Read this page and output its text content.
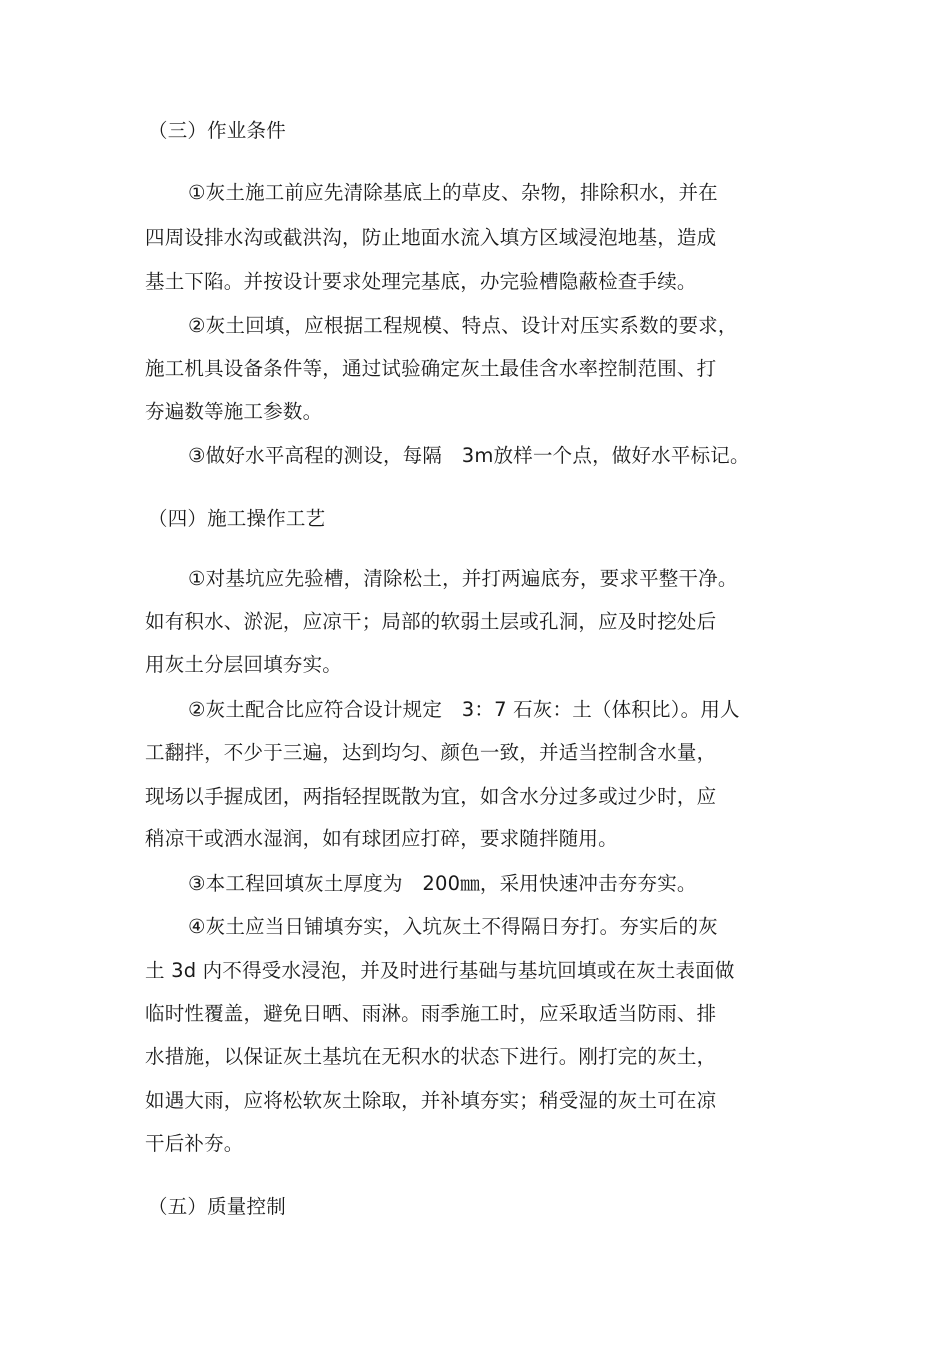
（三）作业条件
①灰土施工前应先清除基底上的草皮、杂物，排除积水，并在
四周设排水沟或截洪沟，防止地面水流入填方区域浸泡地基，造成
基土下陷。并按设计要求处理完基底，办完验槽隐蔽检查手续。
②灰土回填，应根据工程规模、特点、设计对压实系数的要求，
施工机具设备条件等，通过试验确定灰土最佳含水率控制范围、打
夯遍数等施工参数。
③做好水平高程的测设，每隔　3m放样一个点，做好水平标记。
（四）施工操作工艺
①对基坑应先验槽，清除松土，并打两遍底夯，要求平整干净。
如有积水、淤泥，应凉干；局部的软弱土层或孔洞，应及时挖处后
用灰土分层回填夯实。
②灰土配合比应符合设计规定　3：7 石灰：土（体积比）。用人
工翻拌，不少于三遍，达到均匀、颜色一致，并适当控制含水量，
现场以手握成团，两指轻捏既散为宜，如含水分过多或过少时，应
稍凉干或洒水湿润，如有球团应打碎，要求随拌随用。
③本工程回填灰土厚度为　200㎜，采用快速冲击夯夯实。
④灰土应当日铺填夯实，入坑灰土不得隔日夯打。夯实后的灰
土 3d 内不得受水浸泡，并及时进行基础与基坑回填或在灰土表面做
临时性覆盖，避免日晒、雨淋。雨季施工时，应采取适当防雨、排
水措施，以保证灰土基坑在无积水的状态下进行。刚打完的灰土，
如遇大雨，应将松软灰土除取，并补填夯实；稍受湿的灰土可在凉
干后补夯。
（五）质量控制
